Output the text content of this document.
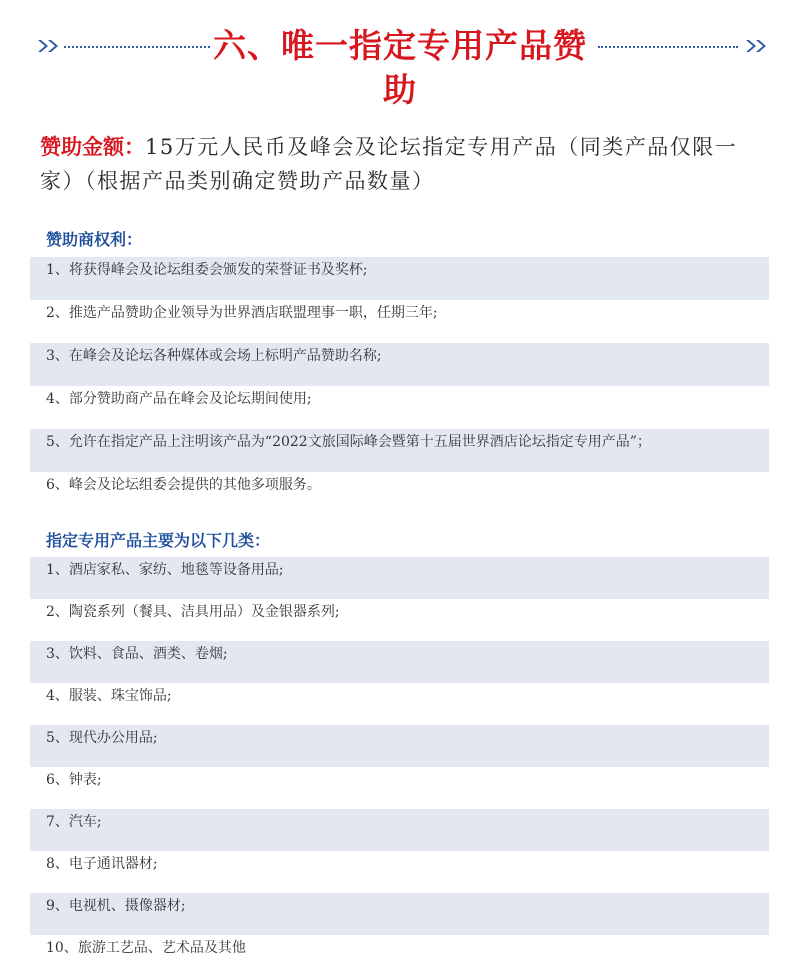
六、唯一指定专用产品赞助
赞助金额：15万元人民币及峰会及论坛指定专用产品（同类产品仅限一家）（根据产品类别确定赞助产品数量）
赞助商权利：
1、将获得峰会及论坛组委会颁发的荣誉证书及奖杯;
2、推选产品赞助企业领导为世界酒店联盟理事一职，任期三年;
3、在峰会及论坛各种媒体或会场上标明产品赞助名称;
4、部分赞助商产品在峰会及论坛期间使用;
5、允许在指定产品上注明该产品为“2022文旅国际峰会暨第十五届世界酒店论坛指定专用产品”；
6、峰会及论坛组委会提供的其他多项服务。
指定专用产品主要为以下几类：
1、酒店家私、家纺、地毯等设备用品;
2、陶瓷系列（餐具、洁具用品）及金银器系列;
3、饮料、食品、酒类、卷烟;
4、服装、珠宝饰品;
5、现代办公用品;
6、钟表;
7、汽车;
8、电子通讯器材;
9、电视机、摄像器材;
10、旅游工艺品、艺术品及其他
